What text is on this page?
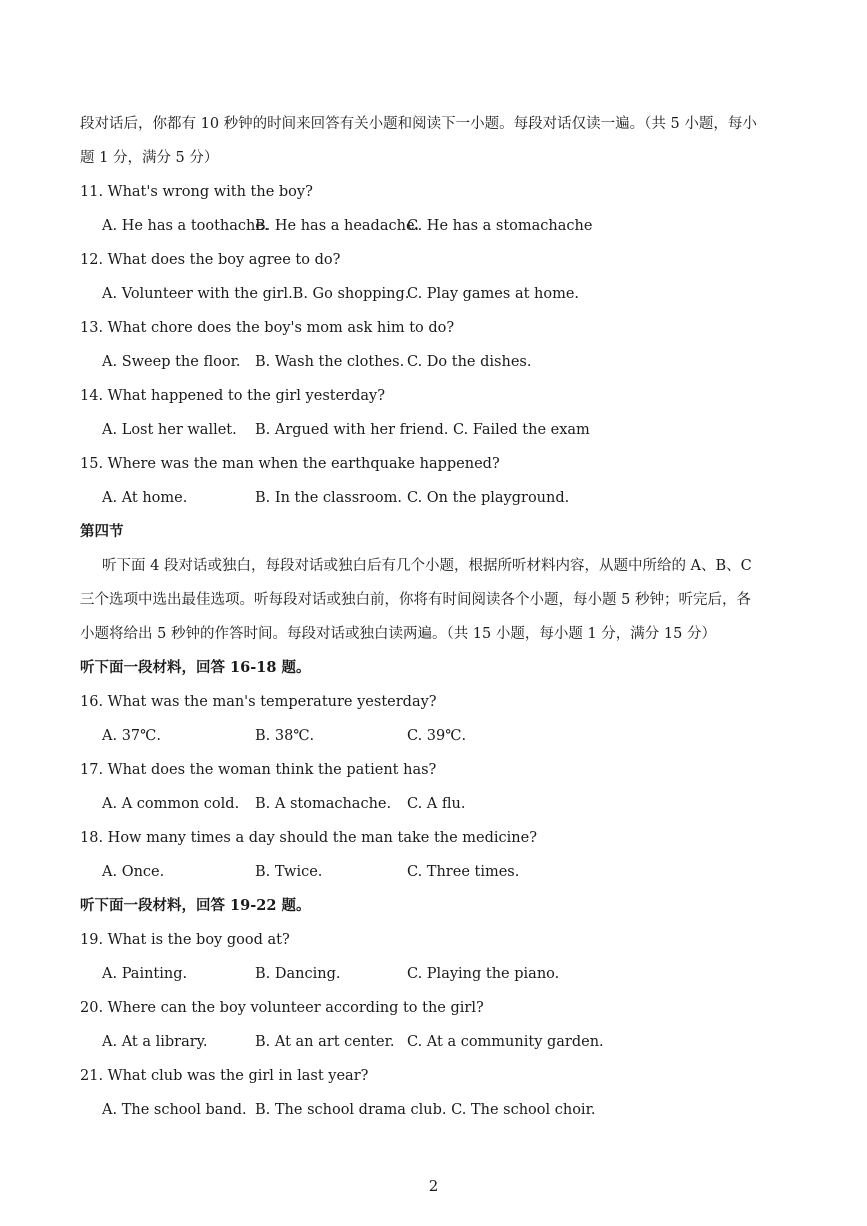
段对话后，你都有 10 秒钟的时间来回答有关小题和阅读下一小题。每段对话仅读一遍。（共 5 小题，每小
题 1 分，满分 5 分）
11. What's wrong with the boy?
A. He has a toothache.
B. He has a headache.
C. He has a stomachache
12. What does the boy agree to do?
A. Volunteer with the girl.B. Go shopping.
C. Play games at home.
13. What chore does the boy's mom ask him to do?
A. Sweep the floor. B. Wash the clothes. C. Do the dishes.
14. What happened to the girl yesterday?
A. Lost her wallet. B. Argued with her friend. C. Failed the exam
15. Where was the man when the earthquake happened?
A. At home.	B. In the classroom. C. On the playground.
第四节
听下面 4 段对话或独白，每段对话或独白后有几个小题，根据所听材料内容，从题中所给的 A、B、C
三个选项中选出最佳选项。听每段对话或独白前，你将有时间阅读各个小题，每小题 5 秒钟；听完后，各
小题将给出 5 秒钟的作答时间。每段对话或独白读两遍。（共 15 小题，每小题 1 分，满分 15 分）
听下面一段材料，回答 16-18 题。
16. What was the man's temperature yesterday?
A. 37℃.	B. 38℃.	C. 39℃.
17. What does the woman think the patient has?
A. A common cold. B. A stomachache. C. A flu.
18. How many times a day should the man take the medicine?
A. Once.	B. Twice.	C. Three times.
听下面一段材料，回答 19-22 题。
19. What is the boy good at?
A. Painting.	B. Dancing.	C. Playing the piano.
20. Where can the boy volunteer according to the girl?
A. At a library.	B. At an art center. C. At a community garden.
21. What club was the girl in last year?
A. The school band. B. The school drama club. C. The school choir.
2
